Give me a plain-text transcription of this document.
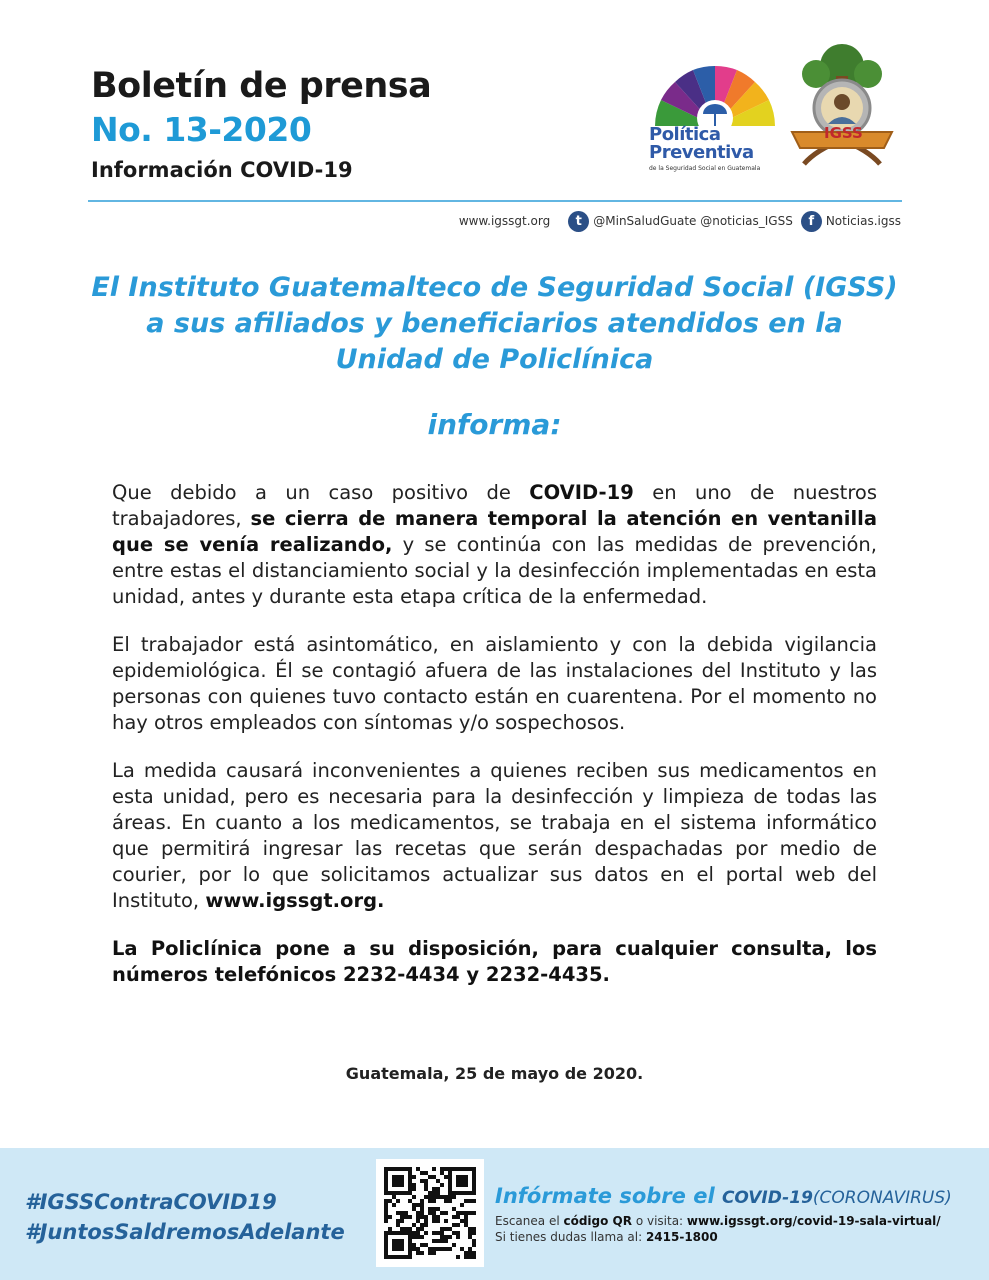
Boletín de prensa
No. 13-2020
Información COVID-19
Política
Preventiva
de la Seguridad Social en Guatemala
IGSS
www.igssgt.org	t @MinSaludGuate @noticias_IGSS	f Noticias.igss
El Instituto Guatemalteco de Seguridad Social (IGSS)
a sus afiliados y beneficiarios atendidos en la
Unidad de Policlínica
informa:

Que debido a un caso positivo de COVID-19 en uno de nuestros trabajadores, se cierra de manera temporal la atención en ventanilla que se venía realizando, y se continúa con las medidas de prevención, entre estas el distanciamiento social y la desinfección implementadas en esta unidad, antes y durante esta etapa crítica de la enfermedad.

El trabajador está asintomático, en aislamiento y con la debida vigilancia epidemiológica. Él se contagió afuera de las instalaciones del Instituto y las personas con quienes tuvo contacto están en cuarentena. Por el momento no hay otros empleados con síntomas y/o sospechosos.

La medida causará inconvenientes a quienes reciben sus medicamentos en esta unidad, pero es necesaria para la desinfección y limpieza de todas las áreas. En cuanto a los medicamentos, se trabaja en el sistema informático que permitirá ingresar las recetas que serán despachadas por medio de courier, por lo que solicitamos actualizar sus datos en el portal web del Instituto, www.igssgt.org.

La Policlínica pone a su disposición, para cualquier consulta, los números telefónicos 2232-4434 y 2232-4435.

Guatemala, 25 de mayo de 2020.
#IGSSContraCOVID19
#JuntosSaldremosAdelante
Infórmate sobre el COVID-19(CORONAVIRUS)
Escanea el código QR o visita: www.igssgt.org/covid-19-sala-virtual/
Si tienes dudas llama al: 2415-1800
